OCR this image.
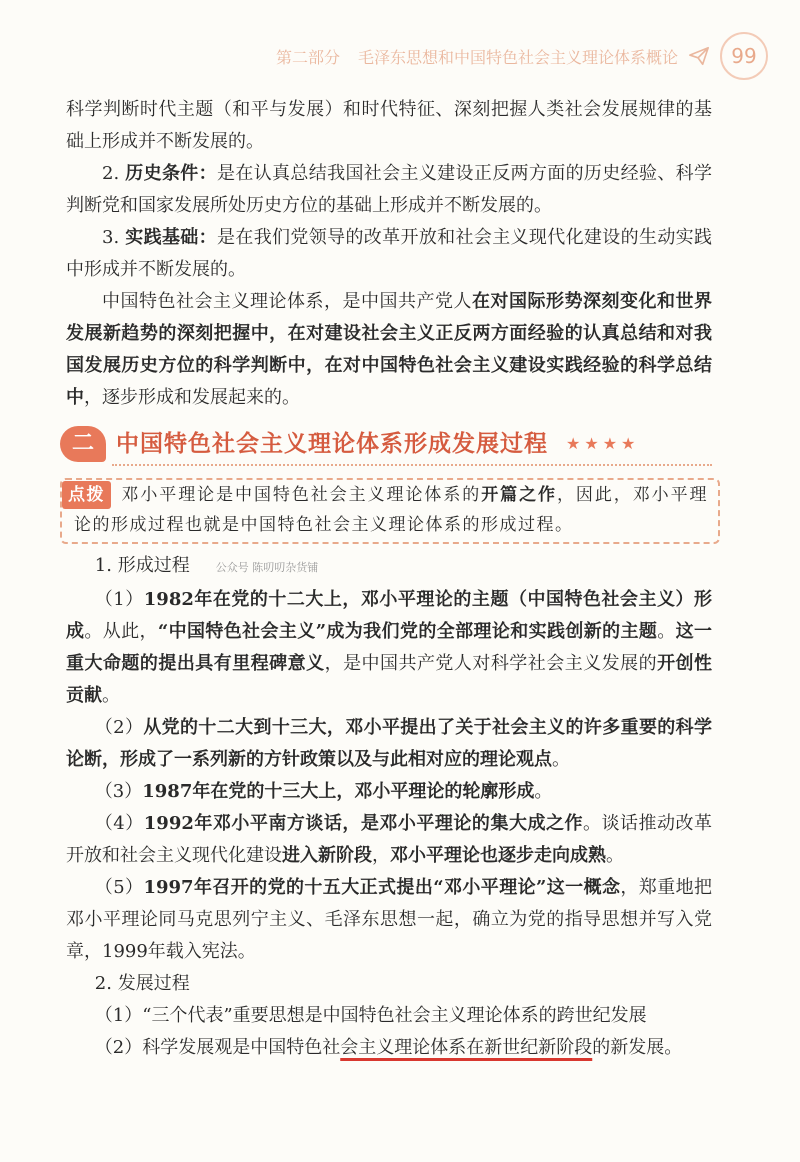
第二部分 毛泽东思想和中国特色社会主义理论体系概论	99

科学判断时代主题（和平与发展）和时代特征、深刻把握人类社会发展规律的基础上形成并不断发展的。

2. 历史条件：是在认真总结我国社会主义建设正反两方面的历史经验、科学判断党和国家发展所处历史方位的基础上形成并不断发展的。

3. 实践基础：是在我们党领导的改革开放和社会主义现代化建设的生动实践中形成并不断发展的。

中国特色社会主义理论体系，是中国共产党人在对国际形势深刻变化和世界发展新趋势的深刻把握中，在对建设社会主义正反两方面经验的认真总结和对我国发展历史方位的科学判断中，在对中国特色社会主义建设实践经验的科学总结中，逐步形成和发展起来的。

二 中国特色社会主义理论体系形成发展过程 ★★★★
点拨 邓小平理论是中国特色社会主义理论体系的开篇之作，因此，邓小平理论的形成过程也就是中国特色社会主义理论体系的形成过程。

1. 形成过程 公众号 陈叨叨杂货铺

（1）1982年在党的十二大上，邓小平理论的主题（中国特色社会主义）形成。从此，“中国特色社会主义”成为我们党的全部理论和实践创新的主题。这一重大命题的提出具有里程碑意义，是中国共产党人对科学社会主义发展的开创性贡献。

（2）从党的十二大到十三大，邓小平提出了关于社会主义的许多重要的科学论断，形成了一系列新的方针政策以及与此相对应的理论观点。

（3）1987年在党的十三大上，邓小平理论的轮廓形成。

（4）1992年邓小平南方谈话，是邓小平理论的集大成之作。谈话推动改革开放和社会主义现代化建设进入新阶段，邓小平理论也逐步走向成熟。

（5）1997年召开的党的十五大正式提出“邓小平理论”这一概念，郑重地把邓小平理论同马克思列宁主义、毛泽东思想一起，确立为党的指导思想并写入党章，1999年载入宪法。

2. 发展过程

（1）“三个代表”重要思想是中国特色社会主义理论体系的跨世纪发展

（2）科学发展观是中国特色社会主义理论体系在新世纪新阶段的新发展。
